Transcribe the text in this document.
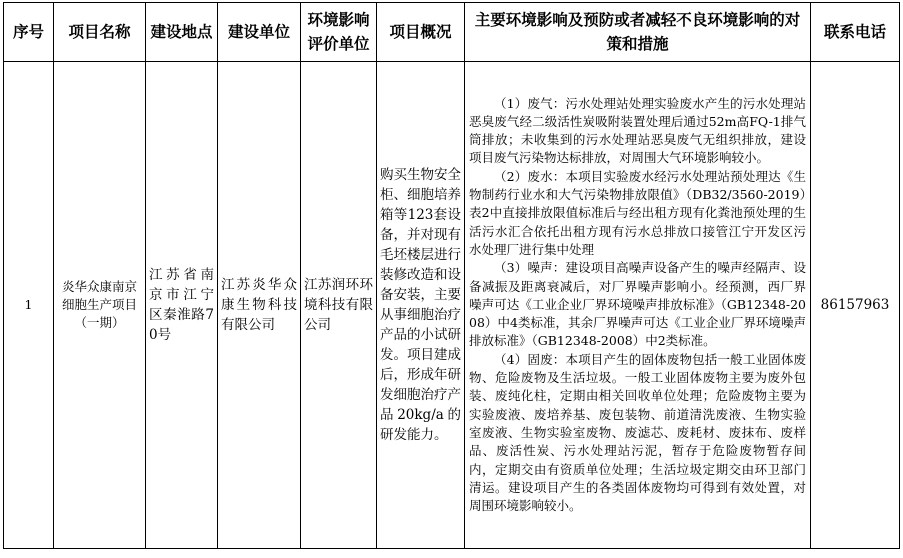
序号	项目名称	建设地点	建设单位	环境影响评价单位	项目概况	主要环境影响及预防或者减轻不良环境影响的对策和措施	联系电话
1	炎华众康南京细胞生产项目（一期）	江苏省南京市江宁区秦淮路70号	江苏炎华众康生物科技有限公司	江苏润环环境科技有限公司	购买生物安全柜、细胞培养箱等123套设备，并对现有毛坯楼层进行装修改造和设备安装，主要从事细胞治疗产品的小试研发。项目建成后，形成年研发细胞治疗产品20kg/a的研发能力。	（1）废气：污水处理站处理实验废水产生的污水处理站恶臭废气经二级活性炭吸附装置处理后通过52m高FQ-1排气筒排放；未收集到的污水处理站恶臭废气无组织排放，建设项目废气污染物达标排放，对周围大气环境影响较小。

（2）废水：本项目实验废水经污水处理站预处理达《生物制药行业水和大气污染物排放限值》（DB32/3560-2019）表2中直接排放限值标准后与经出租方现有化粪池预处理的生活污水汇合依托出租方现有污水总排放口接管江宁开发区污水处理厂进行集中处理

（3）噪声：建设项目高噪声设备产生的噪声经隔声、设备减振及距离衰减后，对厂界噪声影响小。经预测，西厂界噪声可达《工业企业厂界环境噪声排放标准》（GB12348-2008）中4类标准，其余厂界噪声可达《工业企业厂界环境噪声排放标准》（GB12348-2008）中2类标准。

（4）固废：本项目产生的固体废物包括一般工业固体废物、危险废物及生活垃圾。一般工业固体废物主要为废外包装、废纯化柱，定期由相关回收单位处理；危险废物主要为实验废液、废培养基、废包装物、前道清洗废液、生物实验室废液、生物实验室废物、废滤芯、废耗材、废抹布、废样品、废活性炭、污水处理站污泥，暂存于危险废物暂存间内，定期交由有资质单位处理；生活垃圾定期交由环卫部门清运。建设项目产生的各类固体废物均可得到有效处置，对周围环境影响较小。	86157963
